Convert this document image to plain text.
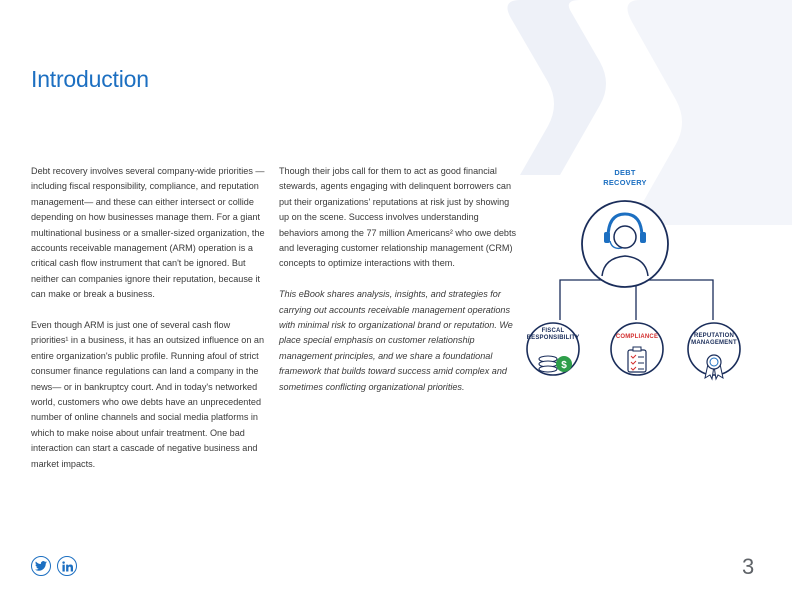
Introduction

Debt recovery involves several company-wide priorities — including fiscal responsibility, compliance, and reputation management— and these can either intersect or collide depending on how businesses manage them. For a giant multinational business or a smaller-sized organization, the accounts receivable management (ARM) operation is a critical cash flow instrument that can't be ignored. But neither can companies ignore their reputation, because it can make or break a business.

Even though ARM is just one of several cash flow priorities¹ in a business, it has an outsized influence on an entire organization's public profile. Running afoul of strict consumer finance regulations can land a company in the news— or in bankruptcy court. And in today's networked world, customers who owe debts have an unprecedented number of online channels and social media platforms in which to make noise about unfair treatment. One bad interaction can start a cascade of negative business and market impacts.

Though their jobs call for them to act as good financial stewards, agents engaging with delinquent borrowers can put their organizations' reputations at risk just by showing up on the scene. Success involves understanding behaviors among the 77 million Americans² who owe debts and leveraging customer relationship management (CRM) concepts to optimize interactions with them.

This eBook shares analysis, insights, and strategies for carrying out accounts receivable management operations with minimal risk to organizational brand or reputation. We place special emphasis on customer relationship management principles, and we share a foundational framework that builds toward success amid complex and sometimes conflicting organizational priorities.

DEBT
RECOVERY
$
FISCAL
RESPONSIBILITY	COMPLIANCE	REPUTATION
MANAGEMENT
3
